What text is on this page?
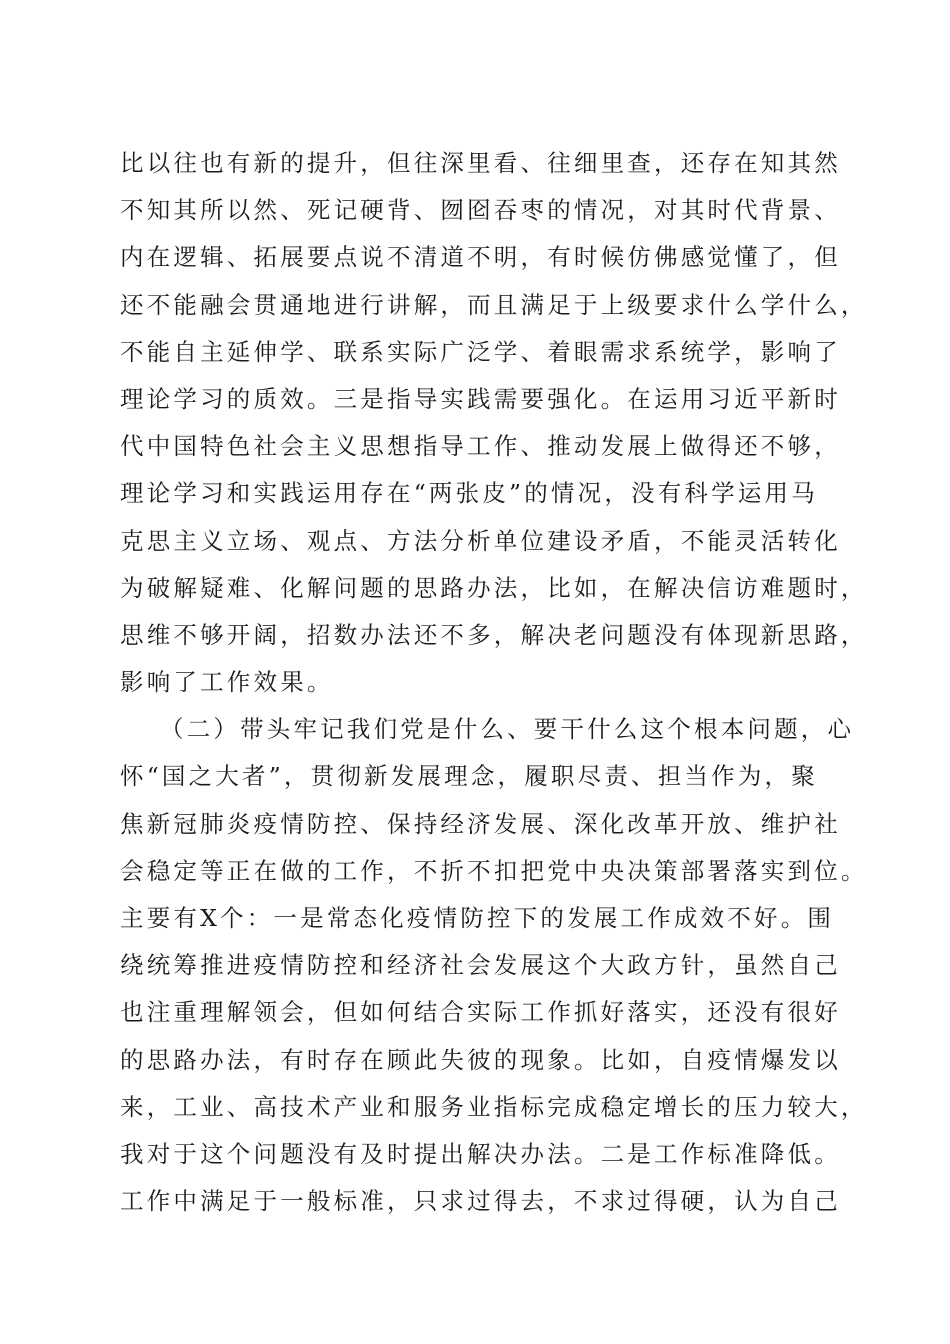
比以往也有新的提升，但往深里看、往细里查，还存在知其然
不知其所以然、死记硬背、囫囵吞枣的情况，对其时代背景、
内在逻辑、拓展要点说不清道不明，有时候仿佛感觉懂了，但
还不能融会贯通地进行讲解，而且满足于上级要求什么学什么，
不能自主延伸学、联系实际广泛学、着眼需求系统学，影响了
理论学习的质效。三是指导实践需要强化。在运用习近平新时
代中国特色社会主义思想指导工作、推动发展上做得还不够，
理论学习和实践运用存在“两张皮”的情况，没有科学运用马
克思主义立场、观点、方法分析单位建设矛盾，不能灵活转化
为破解疑难、化解问题的思路办法，比如，在解决信访难题时，
思维不够开阔，招数办法还不多，解决老问题没有体现新思路，
影响了工作效果。
（二）带头牢记我们党是什么、要干什么这个根本问题，心
怀“国之大者”，贯彻新发展理念，履职尽责、担当作为，聚
焦新冠肺炎疫情防控、保持经济发展、深化改革开放、维护社
会稳定等正在做的工作，不折不扣把党中央决策部署落实到位。
主要有X个：一是常态化疫情防控下的发展工作成效不好。围
绕统筹推进疫情防控和经济社会发展这个大政方针，虽然自己
也注重理解领会，但如何结合实际工作抓好落实，还没有很好
的思路办法，有时存在顾此失彼的现象。比如，自疫情爆发以
来，工业、高技术产业和服务业指标完成稳定增长的压力较大，
我对于这个问题没有及时提出解决办法。二是工作标准降低。
工作中满足于一般标准，只求过得去，不求过得硬，认为自己
